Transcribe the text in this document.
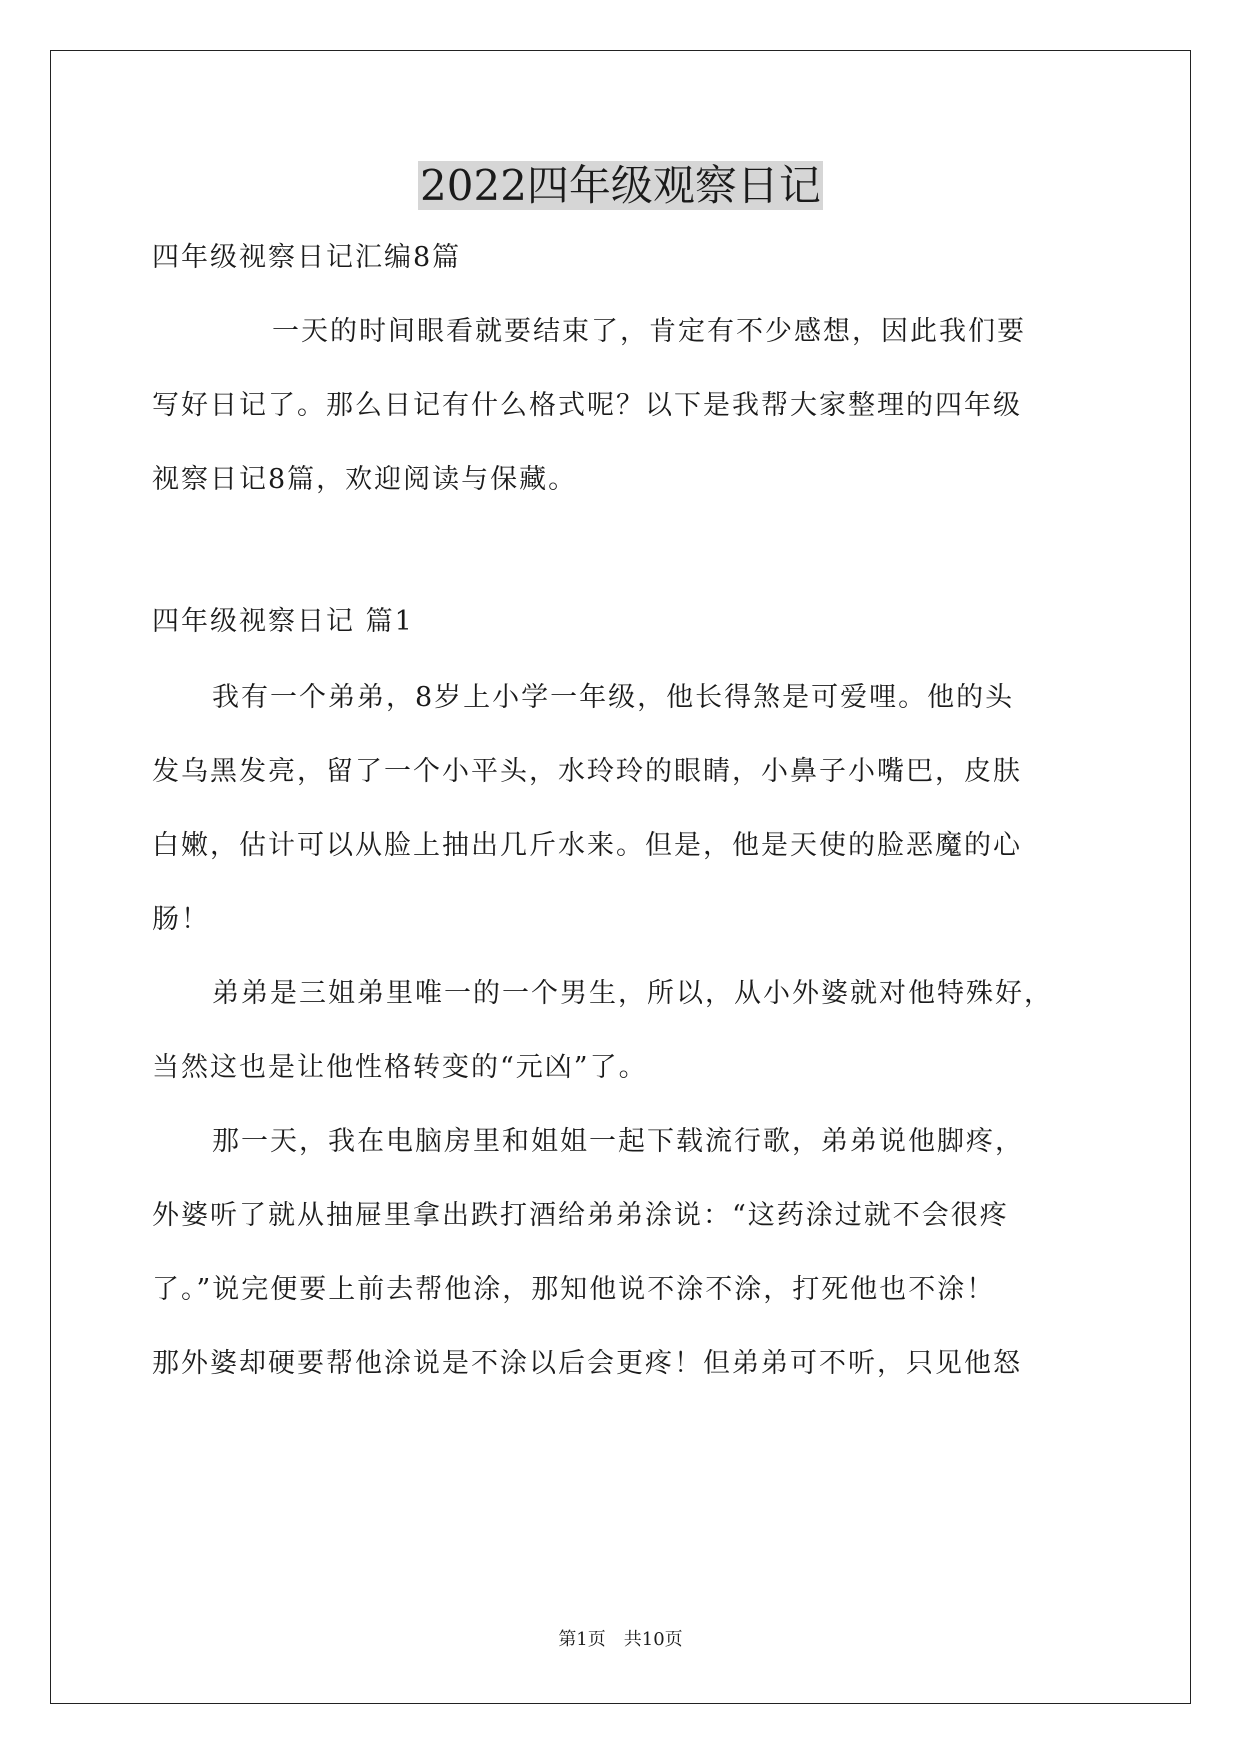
2022四年级观察日记
四年级视察日记汇编8篇
一天的时间眼看就要结束了，肯定有不少感想，因此我们要
写好日记了。那么日记有什么格式呢？以下是我帮大家整理的四年级
视察日记8篇，欢迎阅读与保藏。
四年级视察日记 篇1
我有一个弟弟，8岁上小学一年级，他长得煞是可爱哩。他的头
发乌黑发亮，留了一个小平头，水玲玲的眼睛，小鼻子小嘴巴，皮肤
白嫩，估计可以从脸上抽出几斤水来。但是，他是天使的脸恶魔的心
肠！
弟弟是三姐弟里唯一的一个男生，所以，从小外婆就对他特殊好，
当然这也是让他性格转变的“元凶”了。
那一天，我在电脑房里和姐姐一起下载流行歌，弟弟说他脚疼，
外婆听了就从抽屉里拿出跌打酒给弟弟涂说：“这药涂过就不会很疼
了。”说完便要上前去帮他涂，那知他说不涂不涂，打死他也不涂！
那外婆却硬要帮他涂说是不涂以后会更疼！但弟弟可不听，只见他怒
第1页　共10页
